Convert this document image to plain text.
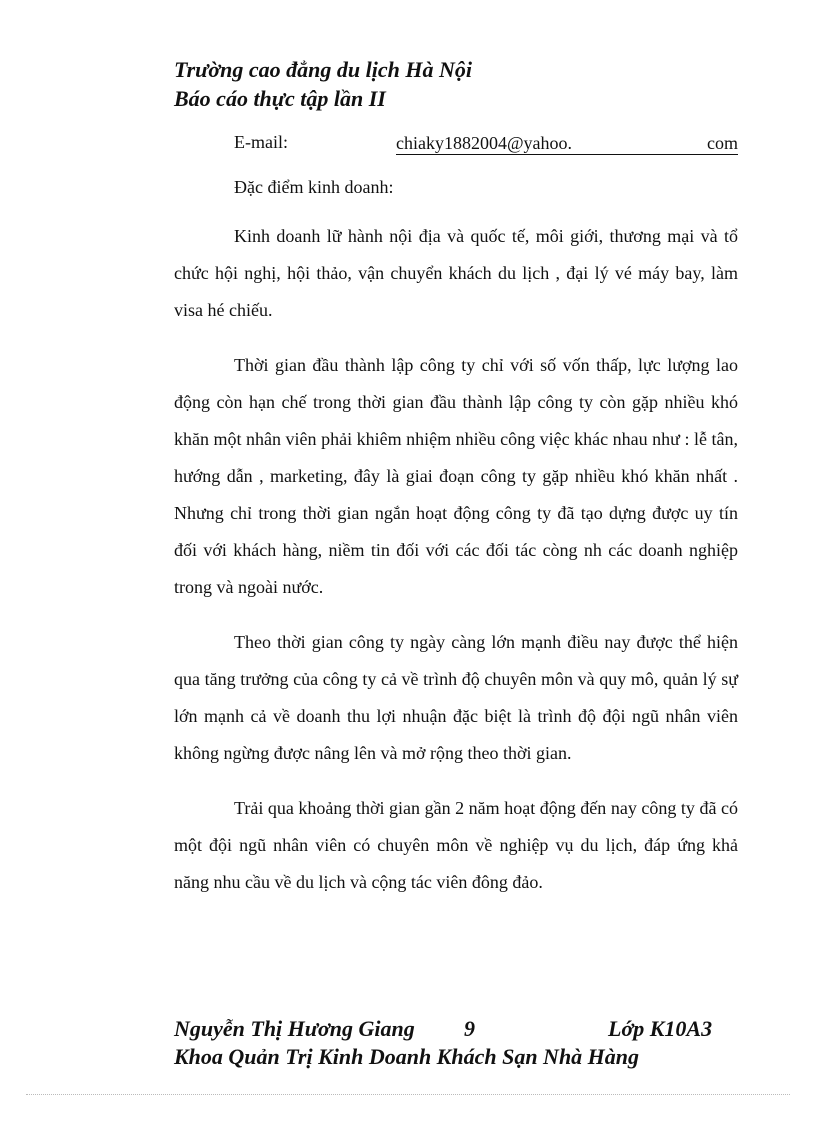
Trường cao đẳng du lịch Hà Nội
Báo cáo thực tập lần II
E-mail:	chiaky1882004@yahoo.	com
Đặc điểm kinh doanh:

Kinh doanh lữ hành nội địa và quốc tế, môi giới, thương mại và tổ chức hội nghị, hội thảo, vận chuyển khách du lịch , đại lý vé máy bay, làm visa hé chiếu.

Thời gian đầu thành lập công ty chỉ với số vốn thấp, lực lượng lao động còn hạn chế trong thời gian đầu thành lập công ty còn gặp nhiều khó khăn một nhân viên phải khiêm nhiệm nhiều công việc khác nhau như : lễ tân, hướng dẫn , marketing, đây là giai đoạn công ty gặp nhiều khó khăn nhất . Nhưng chỉ trong thời gian ngắn hoạt động công ty đã tạo dựng được uy tín đối với khách hàng, niềm tin đối với các đối tác còng nh các doanh nghiệp trong và ngoài nước.

Theo thời gian công ty ngày càng lớn mạnh điều nay được thể hiện qua tăng trưởng của công ty cả về trình độ chuyên môn và quy mô, quản lý sự lớn mạnh cả về doanh thu lợi nhuận đặc biệt là trình độ đội ngũ nhân viên không ngừng được nâng lên và mở rộng theo thời gian.

Trải qua khoảng thời gian gần 2 năm hoạt động đến nay công ty đã có một đội ngũ nhân viên có chuyên môn về nghiệp vụ du lịch, đáp ứng khả năng nhu cầu về du lịch và cộng tác viên đông đảo.

Nguyễn Thị Hương Giang 9	Lớp K10A3
Khoa Quản Trị Kinh Doanh Khách Sạn Nhà Hàng
